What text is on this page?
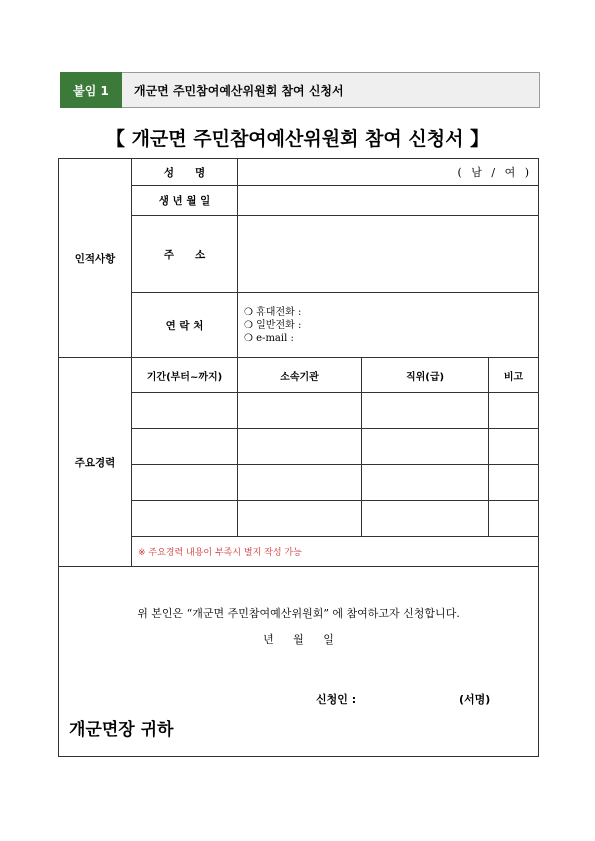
붙임 1	개군면 주민참여예산위원회 참여 신청서
【 개군면 주민참여예산위원회 참여 신청서 】
인적사항	성　　명	( 남 / 여 )		
	생 년 월 일			
	주　　소			
	연 락 처	❍ 휴대전화 :
❍ 일반전화 :
❍ e-mail :		

주요경력	기간(부터~까지)	소속기관	직위(급)	비고

	※ 주요경력 내용이 부족시 별지 작성 가능			

위 본인은 “개군면 주민참여예산위원회” 에 참여하고자 신청합니다.
년 월 일
신청인 : (서명)
개군면장 귀하				
